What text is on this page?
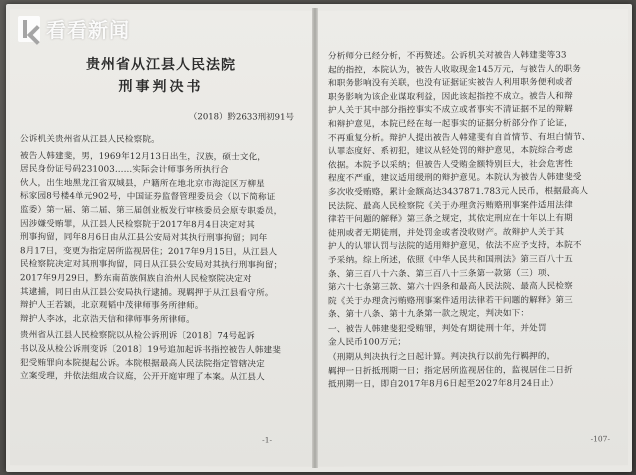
贵州省从江县人民法院
刑事判决书
（2018）黔2633刑初91号
公诉机关贵州省从江县人民检察院。
被告人韩建斐，男，1969年12月13日出生，汉族，硕士文化，
居民身份证号码231003……实际会计师事务所执行合
伙人，出生地黑龙江省双城县，户籍所在地北京市海淀区万柳星
标家园8号楼4单元902号，中国证券监督管理委员会（以下简称证
监委）第一届、第二届、第三届创业板发行审核委员会原专职委员，
因涉嫌受贿罪，从江县人民检察院于2017年8月4日决定对其
刑事拘留，同年8月6日由从江县公安局对其执行刑事拘留；同年
8月17日，变更为指定居所监视居住；2017年9月15日，从江县人
民检察院决定对其刑事拘留，同日从江县公安局对其执行刑事拘留；
2017年9月29日，黔东南苗族侗族自治州人民检察院决定对
其逮捕，同日由从江县公安局执行逮捕。现羁押于从江县看守所。
辩护人王若颖，北京观韬中茂律师事务所律师。
辩护人李冰，北京浩天信和律师事务所律师。
贵州省从江县人民检察院以从检公诉刑诉〔2018〕74号起诉
书以及从检公诉刑变诉〔2018〕19号追加起诉书指控被告人韩建斐
犯受贿罪向本院提起公诉。本院根据最高人民法院指定管辖决定
立案受理，并依法组成合议庭，公开开庭审理了本案。从江县人
-1-
分析师分已经分析，不再赘述。公诉机关对被告人韩建斐等33
起的指控，本院认为，被告人收取现金145万元，与被告人的职务
和职务影响没有关联，也没有证据证实被告人利用职务便利或者
职务影响为该企业谋取利益，因此该起指控不成立。被告人和辩
护人关于其中部分指控事实不成立或者事实不清证据不足的辩解
和辩护意见，本院已经在每一起事实的证据分析部分作了论证，
不再重复分析。辩护人提出被告人韩建斐有自首情节、有坦白情节、
认罪态度好、系初犯，建议从轻处罚的辩护意见，本院综合考虑
依据。本院予以采纳；但被告人受贿金额特别巨大，社会危害性
程度不严重，建议适用缓刑的辩护意见。本院认为被告人韩建斐受
多次收受贿赂，累计金额高达3437871.783元人民币，根据最高人
民法院、最高人民检察院《关于办理贪污贿赂刑事案件适用法律
律若干问题的解释》第三条之规定，其依定刑应在十年以上有期
徒刑或者无期徒刑，并处罚金或者没收财产。故辩护人关于其
护人的认罪认罚与法院的适用辩护意见，依法不应予支持，本院不
予采纳。综上所述，依照《中华人民共和国刑法》第三百八十五
条、第三百八十六条、第三百八十三条第一款第（三）项、
第六十七条第三款、第六十四条和最高人民法院、最高人民检察
院《关于办理贪污贿赂刑事案件适用法律若干问题的解释》第三
条、第十八条、第十九条第一款之规定，判决如下：
一、被告人韩建斐犯受贿罪，判处有期徒刑十年，并处罚
金人民币100万元；
（刑期从判决执行之日起计算。判决执行以前先行羁押的，
羁押一日折抵刑期一日；指定居所监视居住的，监视居住二日折
抵刑期一日，即自2017年8月6日起至2027年8月24日止）
-107-
看看新闻
